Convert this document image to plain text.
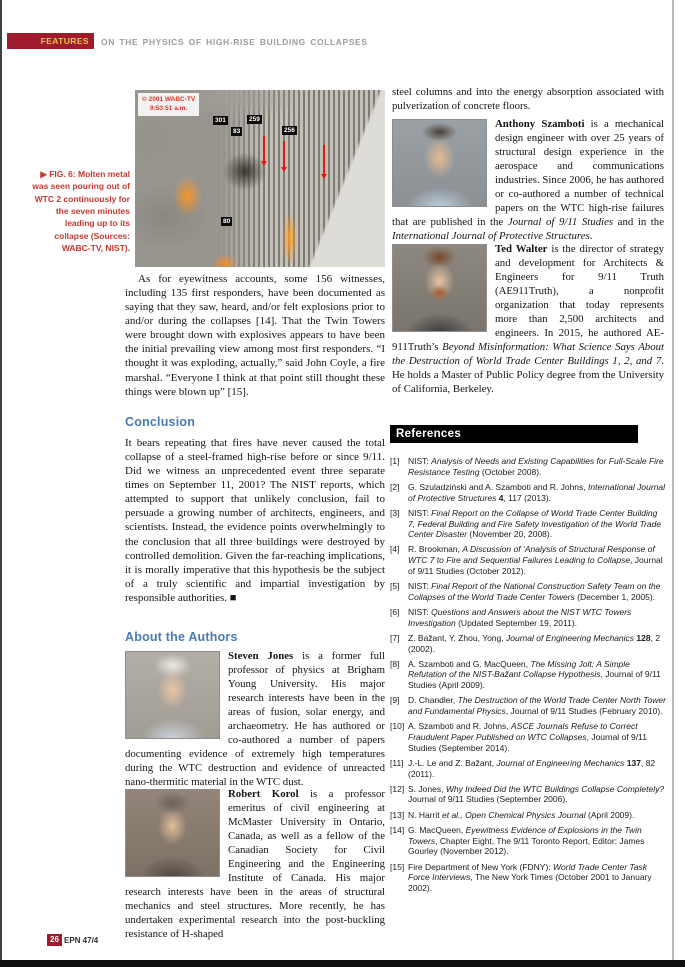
FEATURES ON THE PHYSICS OF HIGH-RISE BUILDING COLLAPSES
© 2001 WABC-TV
9:53:51 a.m.
301
83
259
256
80
▶ FIG. 6: Molten metal was seen pouring out of WTC 2 continuously for the seven minutes leading up to its collapse (Sources: WABC-TV, NIST).
As for eyewitness accounts, some 156 witnesses, including 135 first responders, have been documented as saying that they saw, heard, and/or felt explosions prior to and/or during the collapses [14]. That the Twin Towers were brought down with explosives appears to have been the initial prevailing view among most first responders. “I thought it was exploding, actually,” said John Coyle, a fire marshal. “Everyone I think at that point still thought these things were blown up” [15].
Conclusion
It bears repeating that fires have never caused the total collapse of a steel-framed high-rise before or since 9/11. Did we witness an unprecedented event three separate times on September 11, 2001? The NIST reports, which attempted to support that unlikely conclusion, fail to persuade a growing number of architects, engineers, and scientists. Instead, the evidence points overwhelmingly to the conclusion that all three buildings were destroyed by controlled demolition. Given the far-reaching implications, it is morally imperative that this hypothesis be the subject of a truly scientific and impartial investigation by responsible authorities. ■
About the Authors
Steven Jones is a former full professor of physics at Brigham Young University. His major research interests have been in the areas of fusion, solar energy, and archaeometry. He has authored or co-authored a number of papers documenting evidence of extremely high temperatures during the WTC destruction and evidence of unreacted nano-thermitic material in the WTC dust.
Robert Korol is a professor emeritus of civil engineering at McMaster University in Ontario, Canada, as well as a fellow of the Canadian Society for Civil Engineering and the Engineering Institute of Canada. His major research interests have been in the areas of structural mechanics and steel structures. More recently, he has undertaken experimental research into the post-buckling resistance of H-shaped
steel columns and into the energy absorption associated with pulverization of concrete floors.
Anthony Szamboti is a mechanical design engineer with over 25 years of structural design experience in the aerospace and communications industries. Since 2006, he has authored or co-authored a number of technical papers on the WTC high-rise failures that are published in the Journal of 9/11 Studies and in the International Journal of Protective Structures.
Ted Walter is the director of strategy and development for Architects & Engineers for 9/11 Truth (AE911Truth), a nonprofit organization that today represents more than 2,500 architects and engineers. In 2015, he authored AE-911Truth’s Beyond Misinformation: What Science Says About the Destruction of World Trade Center Buildings 1, 2, and 7. He holds a Master of Public Policy degree from the University of California, Berkeley.
References
[1] NIST: Analysis of Needs and Existing Capabilities for Full-Scale Fire Resistance Testing (October 2008).
[2] G. Szuladziński and A. Szamboti and R. Johns, International Journal of Protective Structures 4, 117 (2013).
[3] NIST: Final Report on the Collapse of World Trade Center Building 7, Federal Building and Fire Safety Investigation of the World Trade Center Disaster (November 20, 2008).
[4] R. Brookman, A Discussion of ‘Analysis of Structural Response of WTC 7 to Fire and Sequential Failures Leading to Collapse, Journal of 9/11 Studies (October 2012).
[5] NIST: Final Report of the National Construction Safety Team on the Collapses of the World Trade Center Towers (December 1, 2005).
[6] NIST: Questions and Answers about the NIST WTC Towers Investigation (Updated September 19, 2011).
[7] Z. Bažant, Y. Zhou, Yong, Journal of Engineering Mechanics 128, 2 (2002).
[8] A. Szamboti and G. MacQueen, The Missing Jolt: A Simple Refutation of the NIST-Bažant Collapse Hypothesis, Journal of 9/11 Studies (April 2009).
[9] D. Chandler, The Destruction of the World Trade Center North Tower and Fundamental Physics, Journal of 9/11 Studies (February 2010).
[10] A. Szamboti and R. Johns, ASCE Journals Refuse to Correct Fraudulent Paper Published on WTC Collapses, Journal of 9/11 Studies (September 2014).
[11] J.-L. Le and Z. Bažant, Journal of Engineering Mechanics 137, 82 (2011).
[12] S. Jones, Why Indeed Did the WTC Buildings Collapse Completely? Journal of 9/11 Studies (September 2006).
[13] N. Harrit et al., Open Chemical Physics Journal (April 2009).
[14] G. MacQueen, Eyewitness Evidence of Explosions in the Twin Towers, Chapter Eight, The 9/11 Toronto Report, Editor: James Gourley (November 2012).
[15] Fire Department of New York (FDNY): World Trade Center Task Force Interviews, The New York Times (October 2001 to January 2002).
26 EPN 47/4
